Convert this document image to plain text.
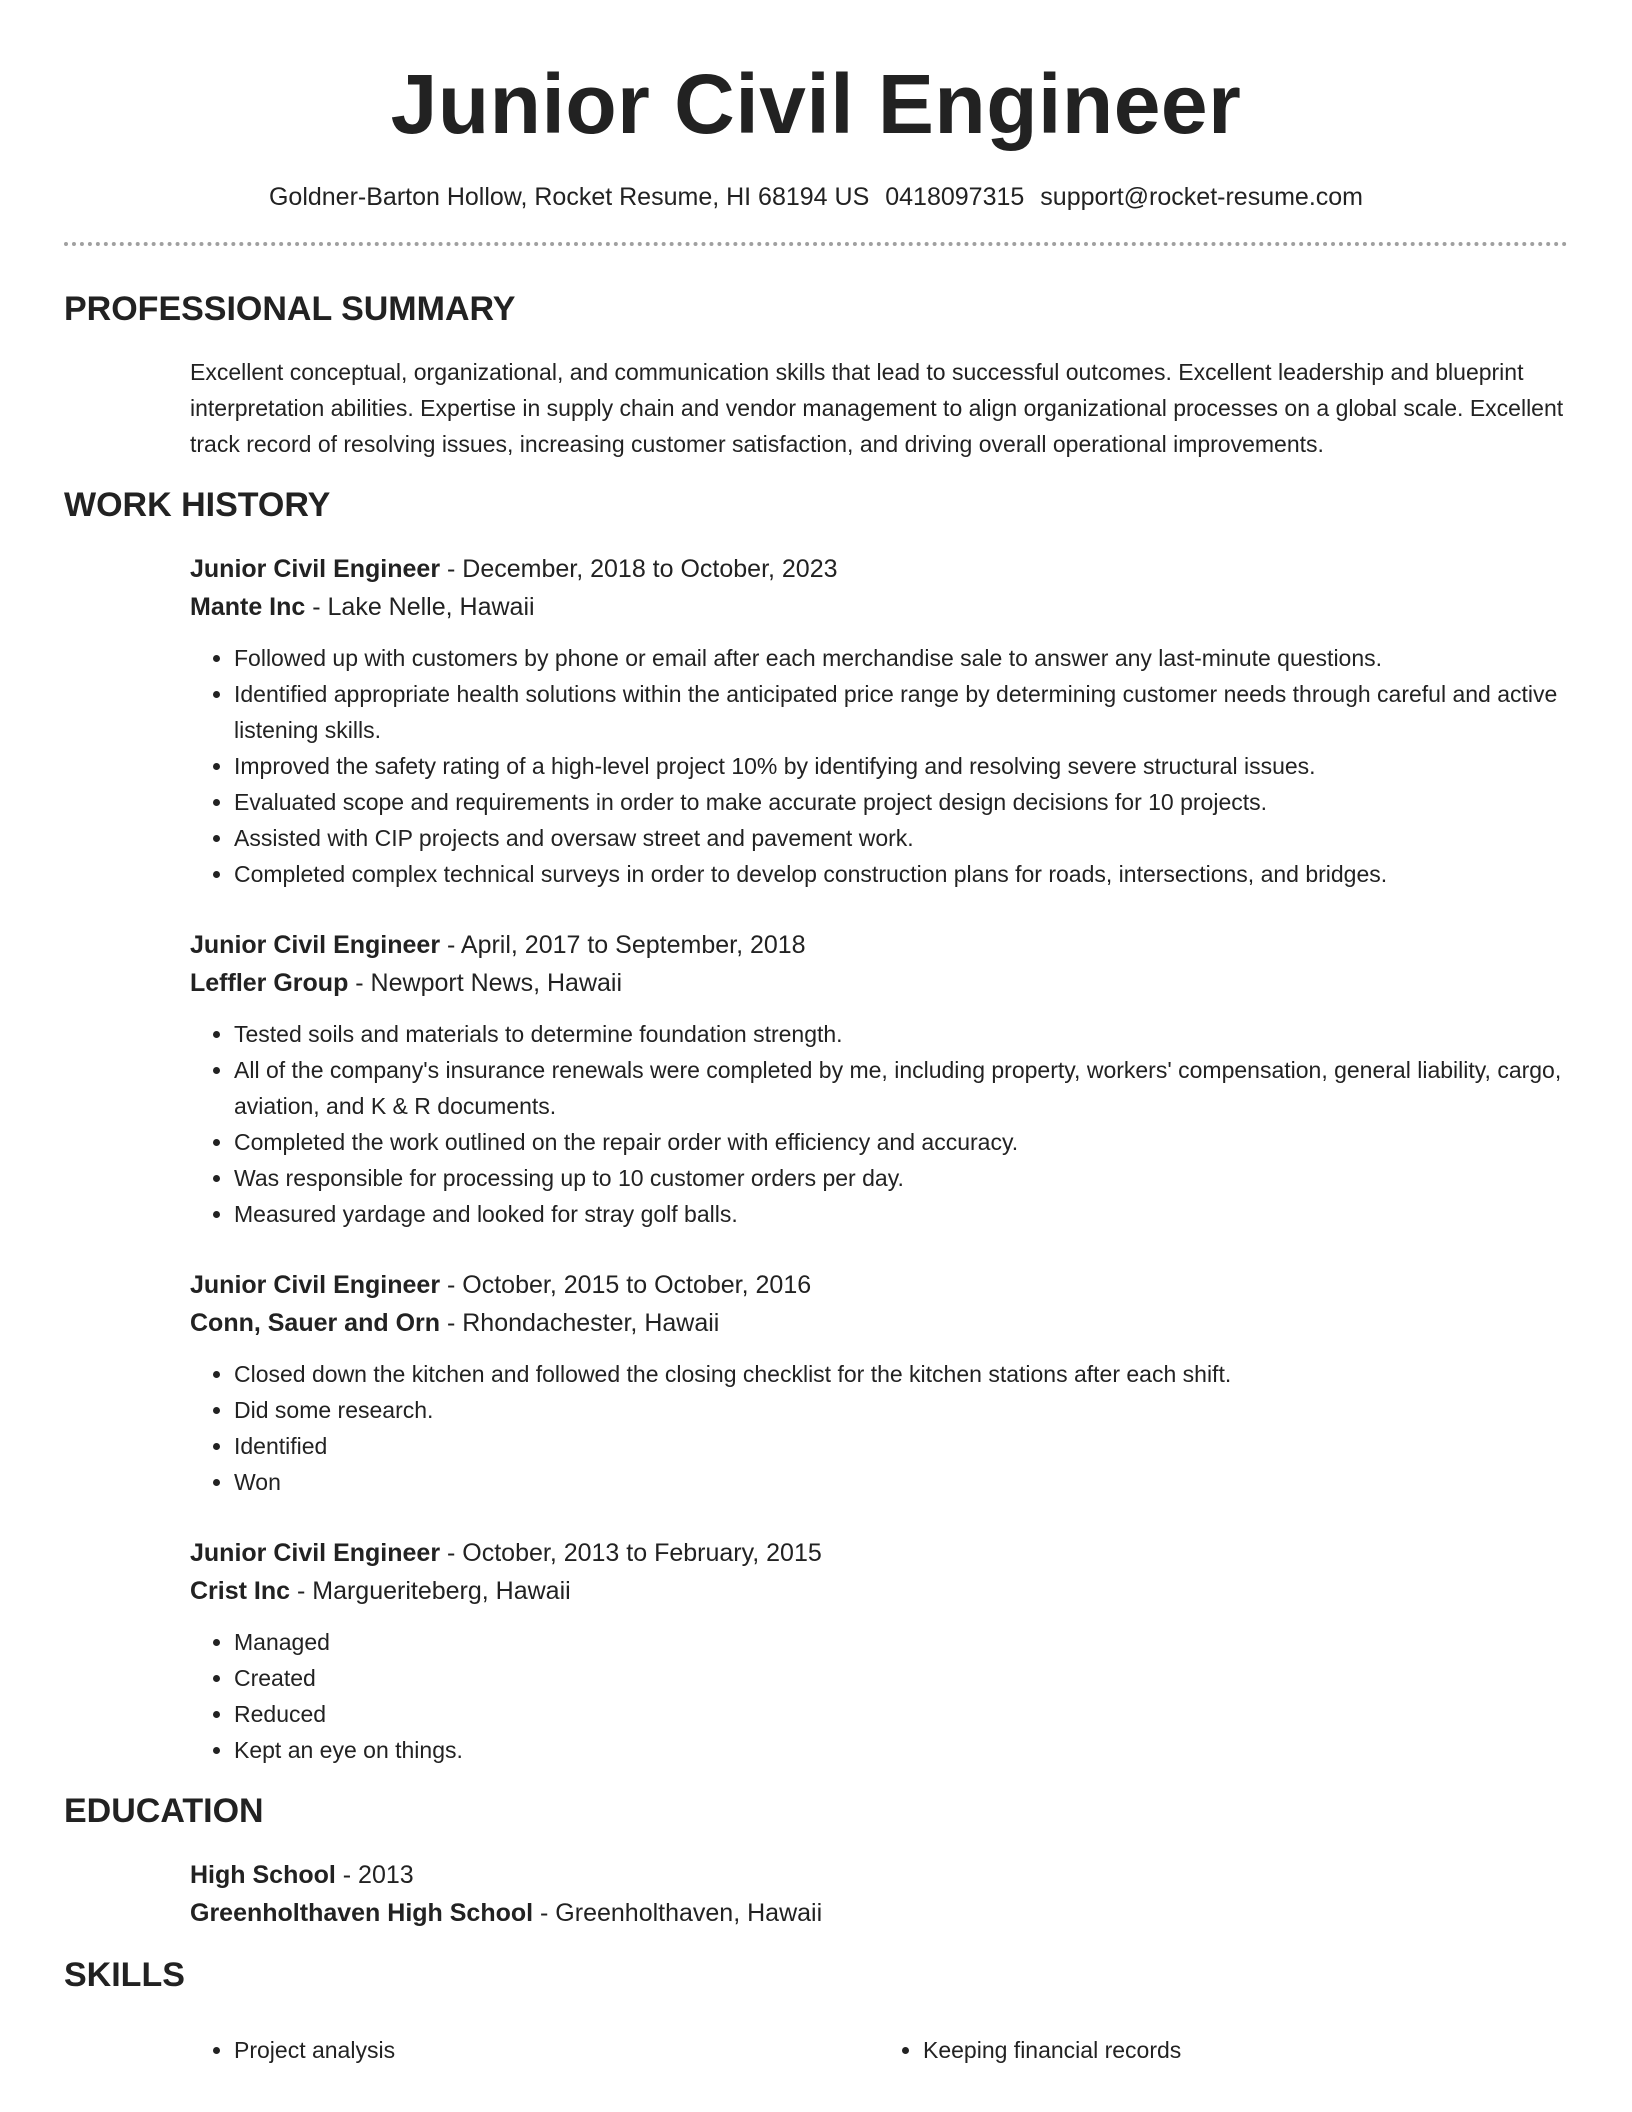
Junior Civil Engineer
Goldner-Barton Hollow, Rocket Resume, HI 68194 US 0418097315 support@rocket-resume.com
PROFESSIONAL SUMMARY
Excellent conceptual, organizational, and communication skills that lead to successful outcomes. Excellent leadership and blueprint interpretation abilities. Expertise in supply chain and vendor management to align organizational processes on a global scale. Excellent track record of resolving issues, increasing customer satisfaction, and driving overall operational improvements.
WORK HISTORY
Junior Civil Engineer - December, 2018 to October, 2023
Mante Inc - Lake Nelle, Hawaii
• Followed up with customers by phone or email after each merchandise sale to answer any last-minute questions.
• Identified appropriate health solutions within the anticipated price range by determining customer needs through careful and active listening skills.
• Improved the safety rating of a high-level project 10% by identifying and resolving severe structural issues.
• Evaluated scope and requirements in order to make accurate project design decisions for 10 projects.
• Assisted with CIP projects and oversaw street and pavement work.
• Completed complex technical surveys in order to develop construction plans for roads, intersections, and bridges.
Junior Civil Engineer - April, 2017 to September, 2018
Leffler Group - Newport News, Hawaii
• Tested soils and materials to determine foundation strength.
• All of the company's insurance renewals were completed by me, including property, workers' compensation, general liability, cargo, aviation, and K & R documents.
• Completed the work outlined on the repair order with efficiency and accuracy.
• Was responsible for processing up to 10 customer orders per day.
• Measured yardage and looked for stray golf balls.
Junior Civil Engineer - October, 2015 to October, 2016
Conn, Sauer and Orn - Rhondachester, Hawaii
• Closed down the kitchen and followed the closing checklist for the kitchen stations after each shift.
• Did some research.
• Identified
• Won
Junior Civil Engineer - October, 2013 to February, 2015
Crist Inc - Margueriteberg, Hawaii
• Managed
• Created
• Reduced
• Kept an eye on things.
EDUCATION
High School - 2013
Greenholthaven High School - Greenholthaven, Hawaii
SKILLS
• Project analysis
•	Keeping financial records
